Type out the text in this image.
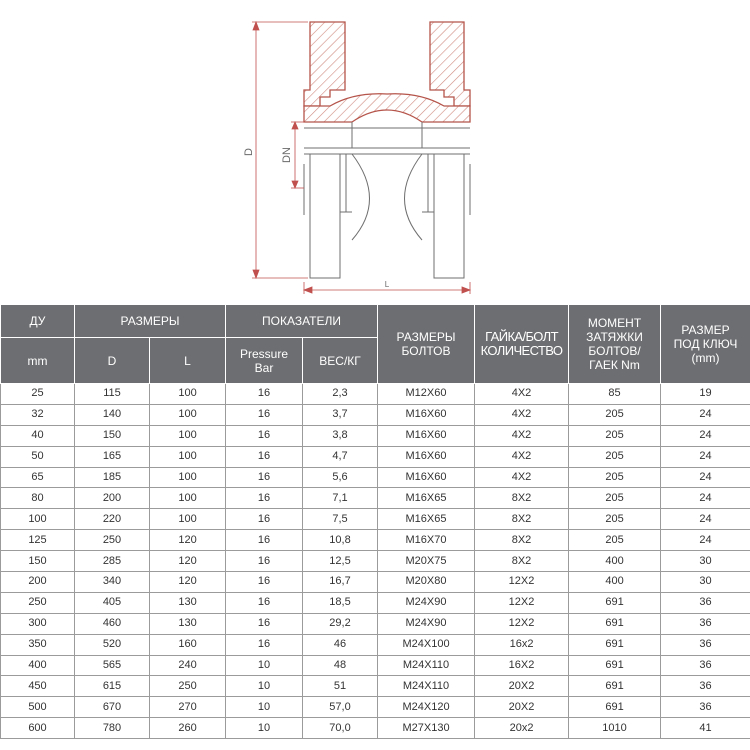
D DN
L
ДУ	РАЗМЕРЫ		ПОКАЗАТЕЛИ		РАЗМЕРЫ БОЛТОВ	ГАЙКА/БОЛТ КОЛИЧЕСТВО	МОМЕНТ ЗАТЯЖКИ БОЛТОВ/ ГАЕК Nm	РАЗМЕР ПОД КЛЮЧ (mm)
mm	D	L	Pressure Bar	ВЕС/КГ				
25	115	100	16	2,3	M12X60	4X2	85	19
32	140	100	16	3,7	M16X60	4X2	205	24
40	150	100	16	3,8	M16X60	4X2	205	24
50	165	100	16	4,7	M16X60	4X2	205	24
65	185	100	16	5,6	M16X60	4X2	205	24
80	200	100	16	7,1	M16X65	8X2	205	24
100	220	100	16	7,5	M16X65	8X2	205	24
125	250	120	16	10,8	M16X70	8X2	205	24
150	285	120	16	12,5	M20X75	8X2	400	30
200	340	120	16	16,7	M20X80	12X2	400	30
250	405	130	16	18,5	M24X90	12X2	691	36
300	460	130	16	29,2	M24X90	12X2	691	36
350	520	160	16	46	M24X100	16x2	691	36
400	565	240	10	48	M24X110	16X2	691	36
450	615	250	10	51	M24X110	20X2	691	36
500	670	270	10	57,0	M24X120	20X2	691	36
600	780	260	10	70,0	M27X130	20x2	1010	41
